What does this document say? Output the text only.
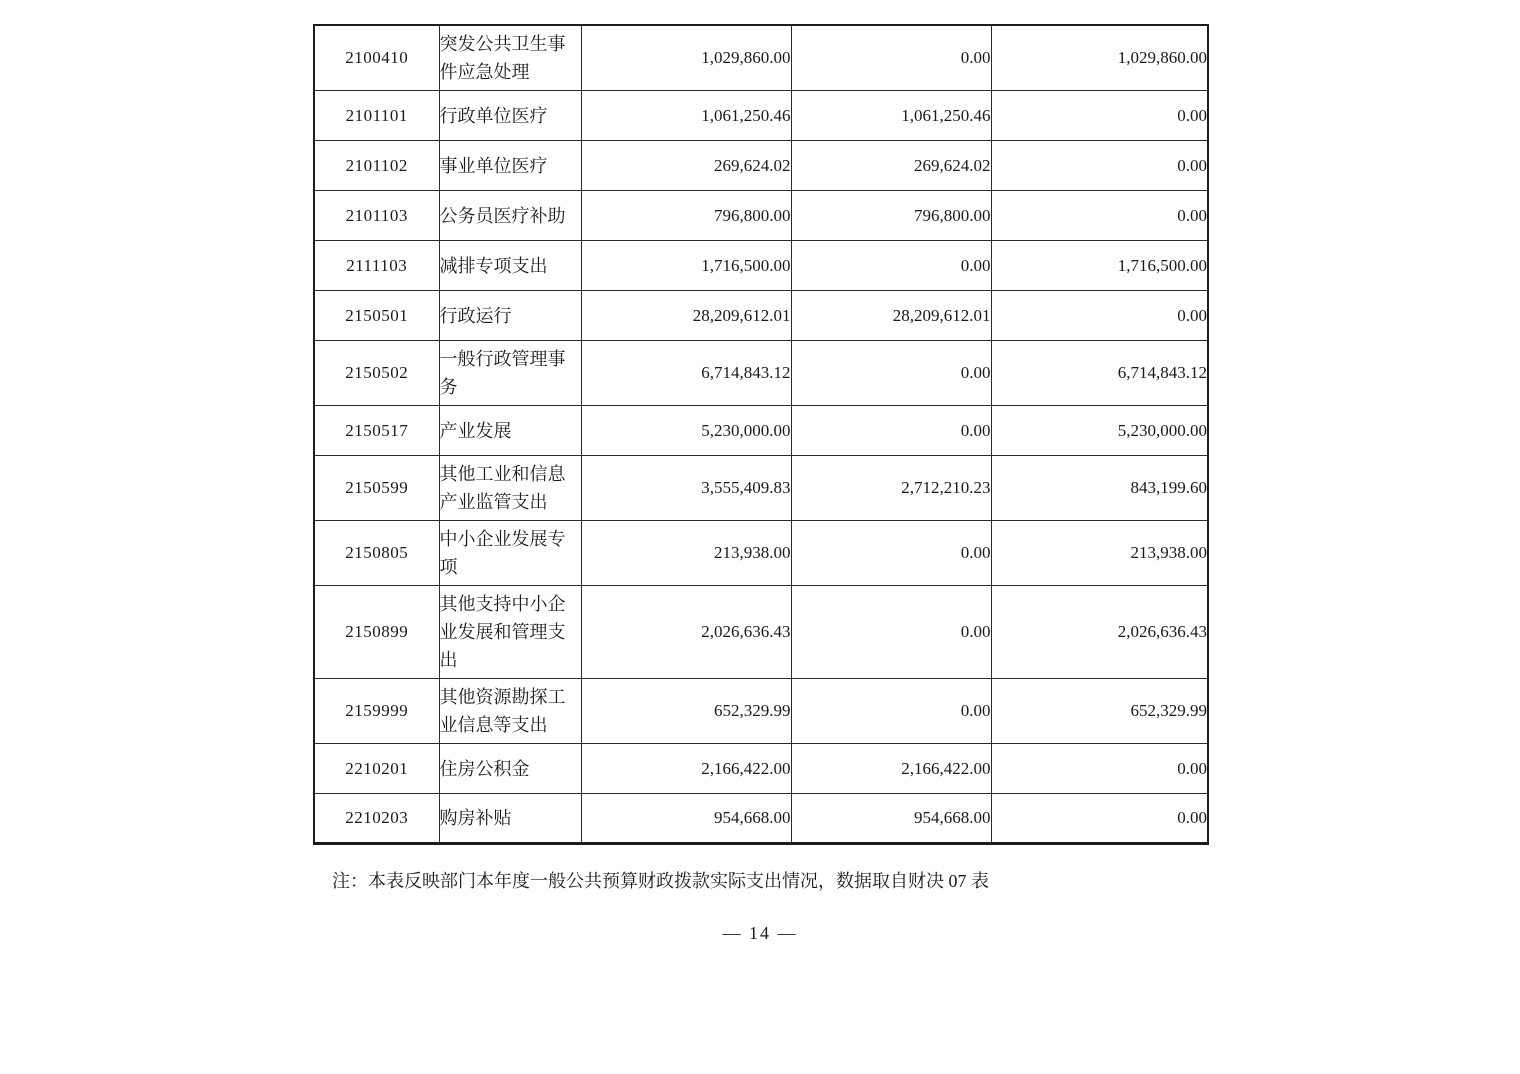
2100410	突发公共卫生事件应急处理	1,029,860.00	0.00	1,029,860.00
2101101	行政单位医疗	1,061,250.46	1,061,250.46	0.00
2101102	事业单位医疗	269,624.02	269,624.02	0.00
2101103	公务员医疗补助	796,800.00	796,800.00	0.00
2111103	减排专项支出	1,716,500.00	0.00	1,716,500.00
2150501	行政运行	28,209,612.01	28,209,612.01	0.00
2150502	一般行政管理事务	6,714,843.12	0.00	6,714,843.12
2150517	产业发展	5,230,000.00	0.00	5,230,000.00
2150599	其他工业和信息产业监管支出	3,555,409.83	2,712,210.23	843,199.60
2150805	中小企业发展专项	213,938.00	0.00	213,938.00
2150899	其他支持中小企业发展和管理支出	2,026,636.43	0.00	2,026,636.43
2159999	其他资源勘探工业信息等支出	652,329.99	0.00	652,329.99
2210201	住房公积金	2,166,422.00	2,166,422.00	0.00
2210203	购房补贴	954,668.00	954,668.00	0.00

注：本表反映部门本年度一般公共预算财政拨款实际支出情况，数据取自财决 07 表

— 14 —
